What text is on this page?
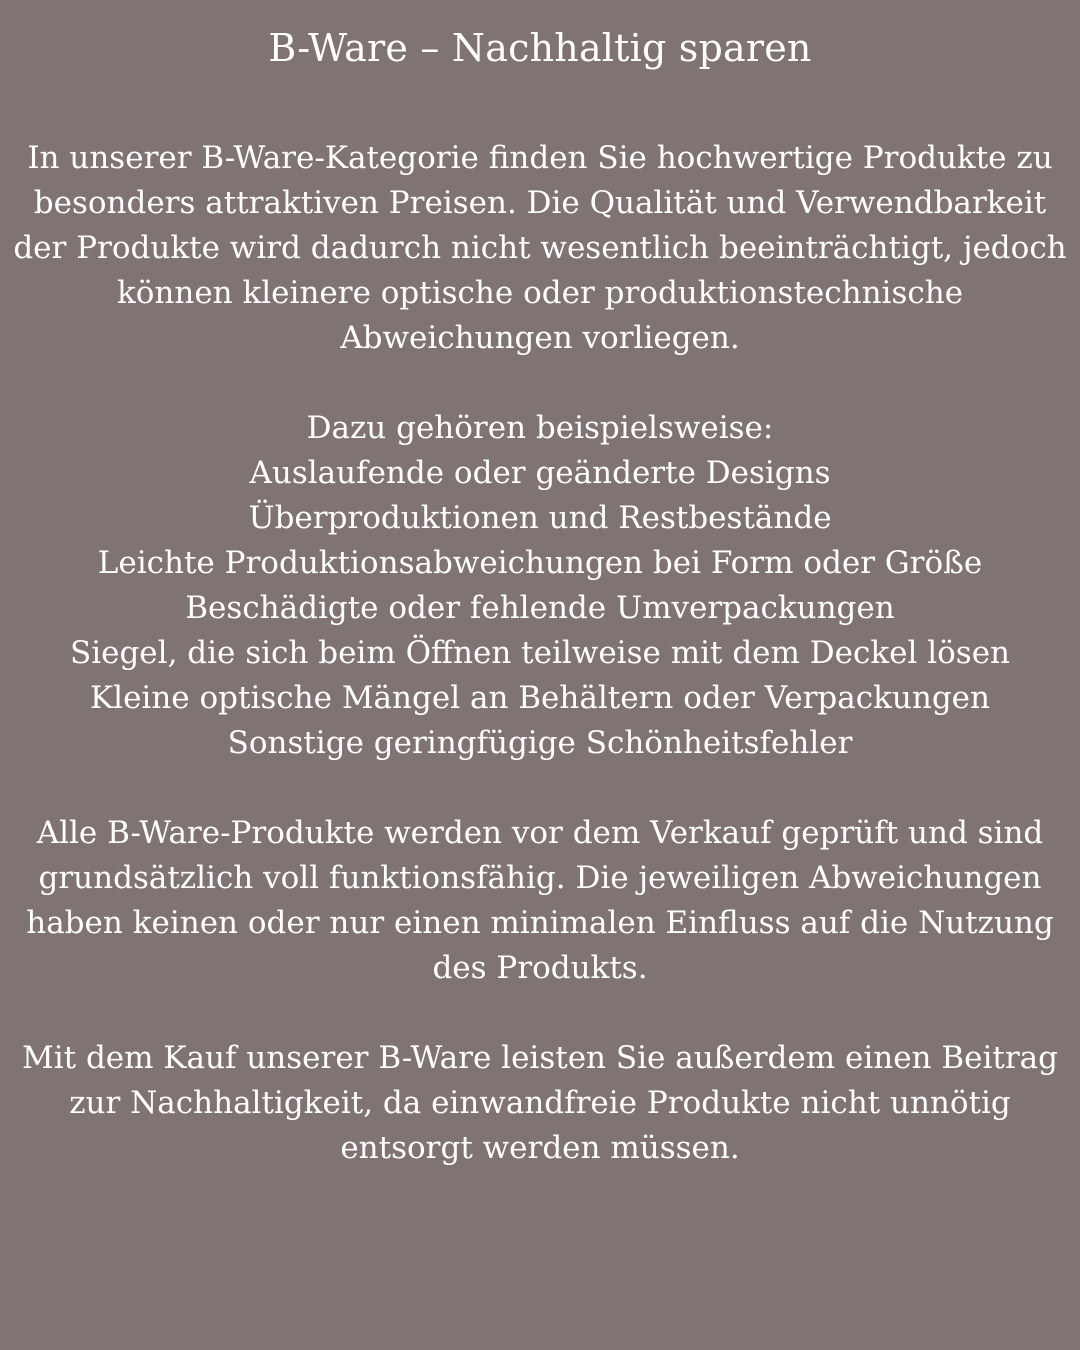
B-Ware – Nachhaltig sparen

In unserer B-Ware-Kategorie finden Sie hochwertige Produkte zu besonders attraktiven Preisen. Die Qualität und Verwendbarkeit der Produkte wird dadurch nicht wesentlich beeinträchtigt, jedoch können kleinere optische oder produktionstechnische Abweichungen vorliegen.

Dazu gehören beispielsweise:

Auslaufende oder geänderte Designs
Überproduktionen und Restbestände
Leichte Produktionsabweichungen bei Form oder Größe
Beschädigte oder fehlende Umverpackungen
Siegel, die sich beim Öffnen teilweise mit dem Deckel lösen
Kleine optische Mängel an Behältern oder Verpackungen
Sonstige geringfügige Schönheitsfehler

Alle B-Ware-Produkte werden vor dem Verkauf geprüft und sind grundsätzlich voll funktionsfähig. Die jeweiligen Abweichungen haben keinen oder nur einen minimalen Einfluss auf die Nutzung des Produkts.

Mit dem Kauf unserer B-Ware leisten Sie außerdem einen Beitrag zur Nachhaltigkeit, da einwandfreie Produkte nicht unnötig entsorgt werden müssen.
